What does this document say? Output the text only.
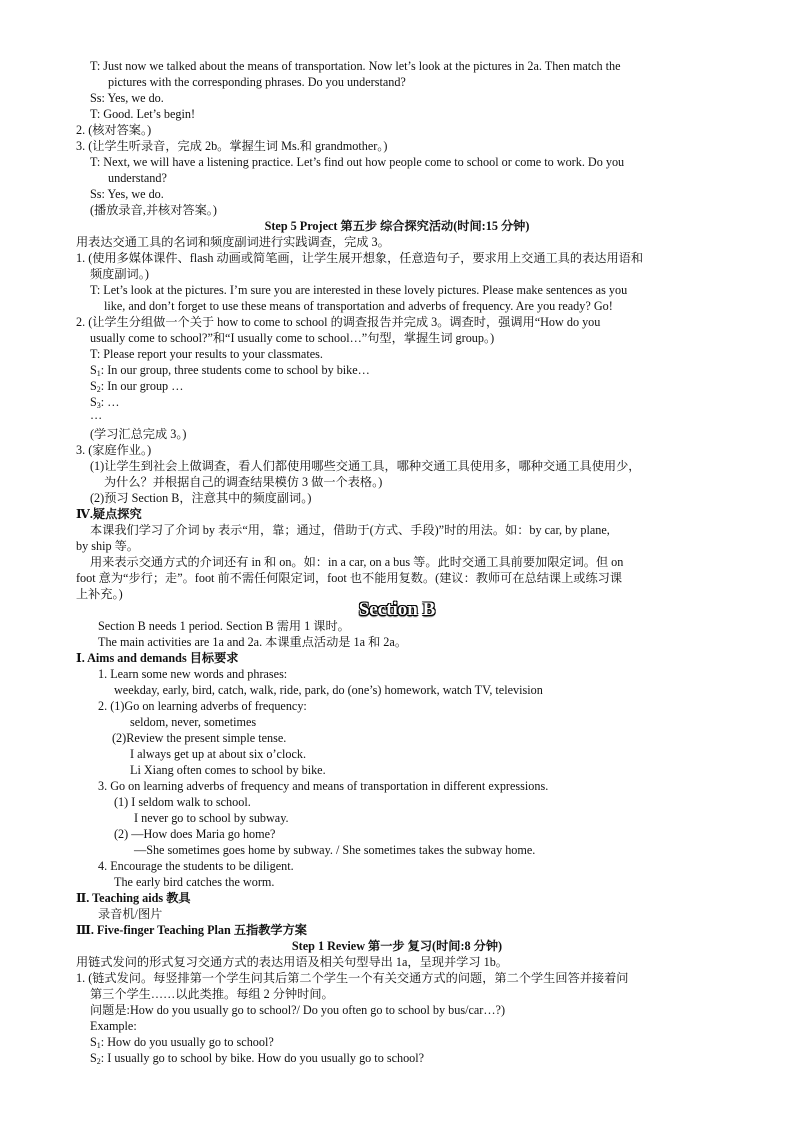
T: Just now we talked about the means of transportation. Now let’s look at the pictures in 2a. Then match the
pictures with the corresponding phrases. Do you understand?
Ss: Yes, we do.
T: Good. Let’s begin!
2. (核对答案。)
3. (让学生听录音，完成 2b。掌握生词 Ms.和 grandmother。)
T: Next, we will have a listening practice. Let’s find out how people come to school or come to work. Do you
understand?
Ss: Yes, we do.
(播放录音,并核对答案。)
Step 5 Project 第五步 综合探究活动(时间:15 分钟)
用表达交通工具的名词和频度副词进行实践调查，完成 3。
1. (使用多媒体课件、flash 动画或简笔画，让学生展开想象，任意造句子，要求用上交通工具的表达用语和
频度副词。)
T: Let’s look at the pictures. I’m sure you are interested in these lovely pictures. Please make sentences as you
like, and don’t forget to use these means of transportation and adverbs of frequency. Are you ready? Go!
2. (让学生分组做一个关于 how to come to school 的调查报告并完成 3。调查时，强调用“How do you
usually come to school?”和“I usually come to school…”句型，掌握生词 group。)
T: Please report your results to your classmates.
$S_1$: In our group, three students come to school by bike…
$S_2$: In our group …
$S_3$: …
…
(学习汇总完成 3。)
3. (家庭作业。)
(1)让学生到社会上做调查，看人们都使用哪些交通工具，哪种交通工具使用多，哪种交通工具使用少，
为什么？并根据自己的调查结果模仿 3 做一个表格。)
(2)预习 Section B，注意其中的频度副词。)
Ⅳ.疑点探究
本课我们学习了介词 by 表示“用，靠；通过，借助于(方式、手段)”时的用法。如：by car, by plane,
by ship 等。
用来表示交通方式的介词还有 in 和 on。如：in a car, on a bus 等。此时交通工具前要加限定词。但 on
foot 意为“步行；走”。foot 前不需任何限定词，foot 也不能用复数。(建议：教师可在总结课上或练习课
上补充。)
Section B
Section B needs 1 period. Section B 需用 1 课时。
The main activities are 1a and 2a. 本课重点活动是 1a 和 2a。
Ⅰ. Aims and demands 目标要求
1. Learn some new words and phrases:
weekday, early, bird, catch, walk, ride, park, do (one’s) homework, watch TV, television
2. (1)Go on learning adverbs of frequency:
seldom, never, sometimes
(2)Review the present simple tense.
I always get up at about six o’clock.
Li Xiang often comes to school by bike.
3. Go on learning adverbs of frequency and means of transportation in different expressions.
(1) I seldom walk to school.
I never go to school by subway.
(2) —How does Maria go home?
—She sometimes goes home by subway. / She sometimes takes the subway home.
4. Encourage the students to be diligent.
The early bird catches the worm.
Ⅱ. Teaching aids 教具
录音机/图片
Ⅲ. Five-finger Teaching Plan 五指教学方案
Step 1 Review 第一步 复习(时间:8 分钟)
用链式发问的形式复习交通方式的表达用语及相关句型导出 1a，呈现并学习 1b。
1. (链式发问。每竖排第一个学生问其后第二个学生一个有关交通方式的问题，第二个学生回答并接着问
第三个学生……以此类推。每组 2 分钟时间。
问题是:How do you usually go to school?/ Do you often go to school by bus/car…?)
Example:
$S_1$: How do you usually go to school?
$S_2$: I usually go to school by bike. How do you usually go to school?
